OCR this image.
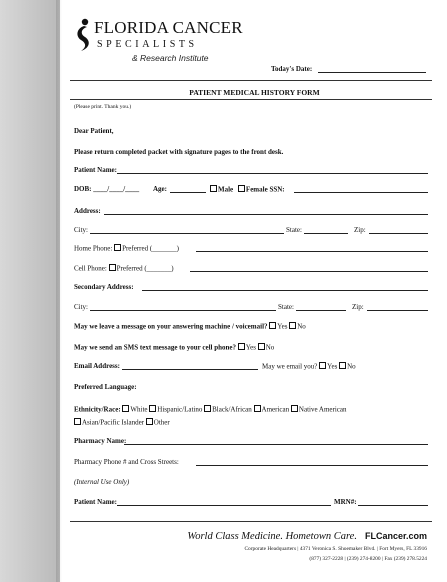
FLORIDA CANCER
SPECIALISTS
& Research Institute
Today's Date:
PATIENT MEDICAL HISTORY FORM
(Please print. Thank you.)
Dear Patient,
Please return completed packet with signature pages to the front desk.
Patient Name:
DOB: ____/____/____ Age:	Male Female SSN:
Address:
City:	State:	Zip:
Home Phone: Preferred (_______)
Cell Phone: Preferred (_______)
Secondary Address:
City:	State:	Zip:
May we leave a message on your answering machine / voicemail? Yes No
May we send an SMS text message to your cell phone? Yes No
Email Address:	May we email you? Yes No
Preferred Language:
Ethnicity/Race: White Hispanic/Latino Black/African American Native American
Asian/Pacific Islander Other
Pharmacy Name:
Pharmacy Phone # and Cross Streets:
(Internal Use Only)
Patient Name:	MRN#:
World Class Medicine. Hometown Care. FLCancer.com
Corporate Headquarters | 4371 Veronica S. Shoemaker Blvd. | Fort Myers, FL 33916
(877) 327-2228 | (239) 274-8200 | Fax (239) 278.5224
